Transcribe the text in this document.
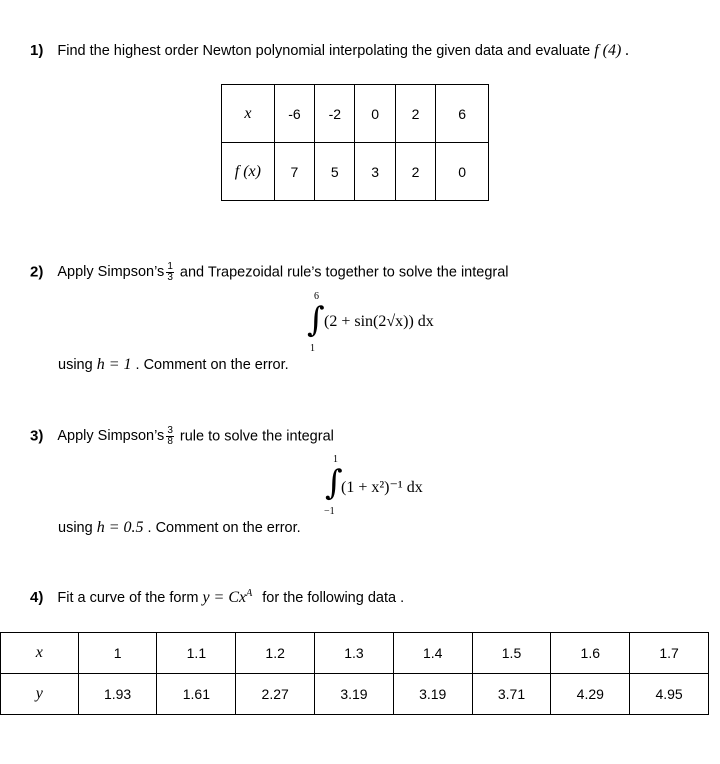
1) Find the highest order Newton polynomial interpolating the given data and evaluate f (4) .
x	-6	-2	0	2	6
f (x)	7	5	3	2	0
2) Apply Simpson’s $\frac{1}{3}$ and Trapezoidal rule’s together to solve the integral
6
∫
1
(2 + sin(2√x)) dx
using h = 1 . Comment on the error.
3) Apply Simpson’s $\frac{3}{8}$ rule to solve the integral
1
∫
−1
(1 + x²)⁻¹ dx
using h = 0.5 . Comment on the error.
4) Fit a curve of the form $y = Cx^A$ for the following data .
x	1	1.1	1.2	1.3	1.4	1.5	1.6	1.7
y	1.93	1.61	2.27	3.19	3.19	3.71	4.29	4.95
